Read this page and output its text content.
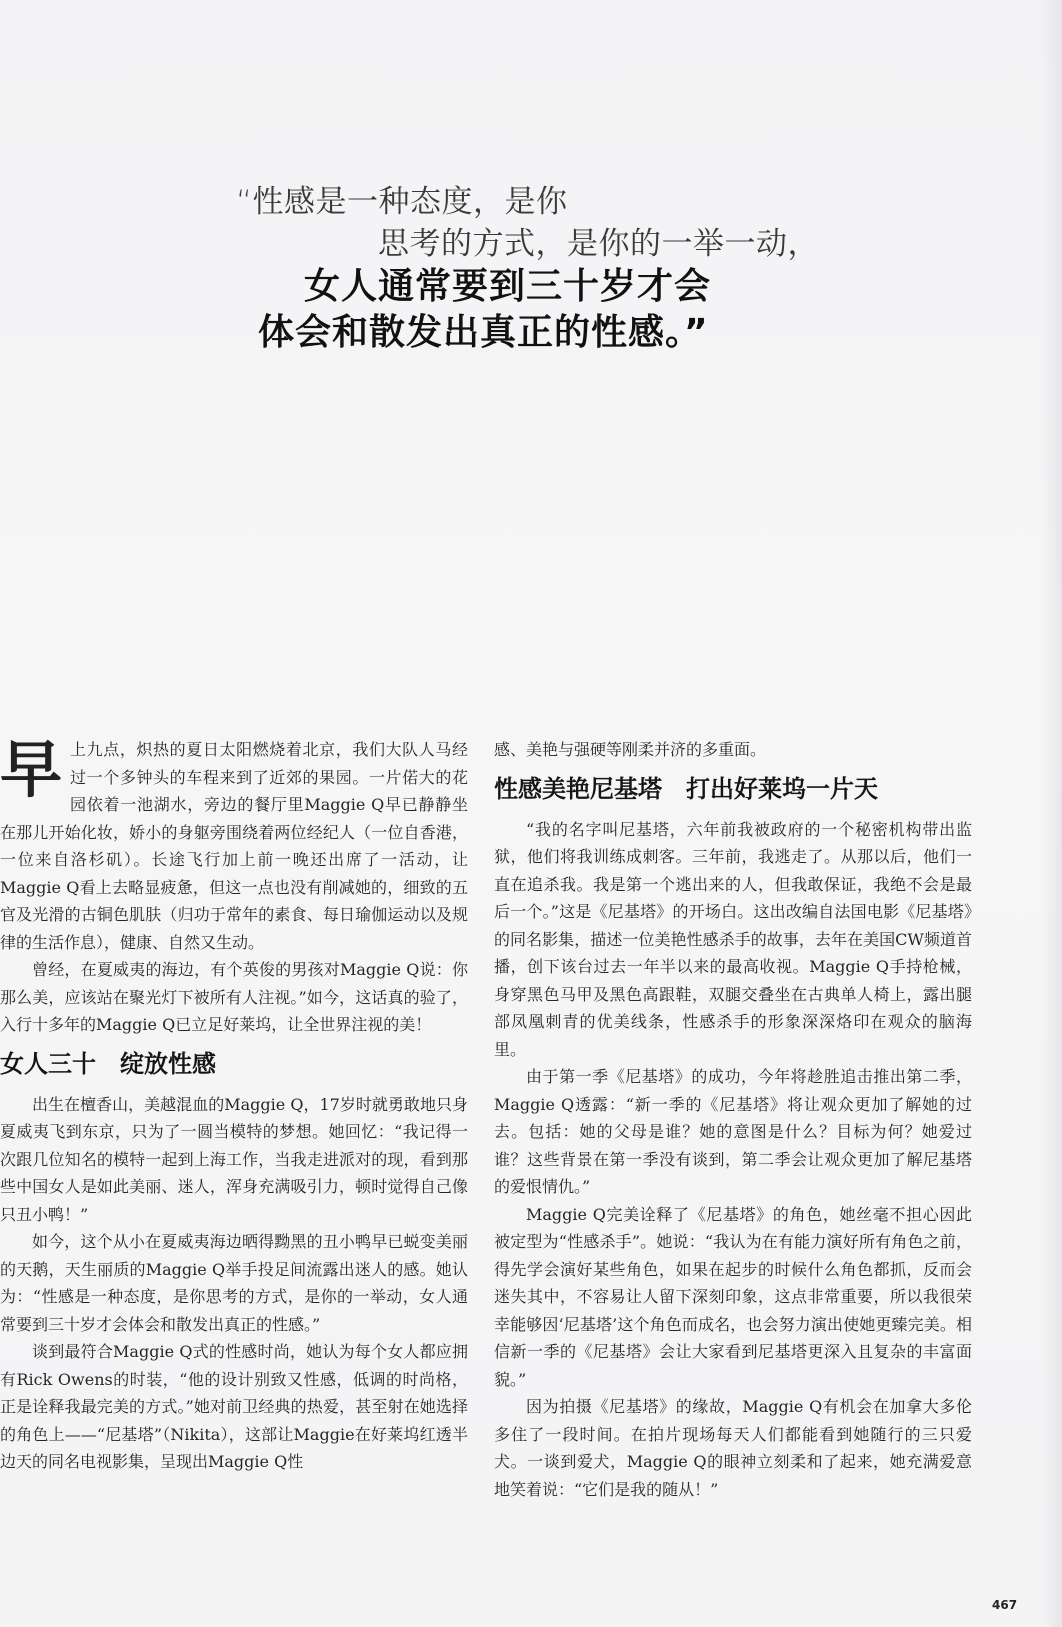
“性感是一种态度，是你
思考的方式，是你的一举一动，
女人通常要到三十岁才会
体会和散发出真正的性感。”

早上九点，炽热的夏日太阳燃烧着北京，我们大队人马经过一个多钟头的车程来到了近郊的果园。一片偌大的花园依着一池湖水，旁边的餐厅里Maggie Q早已静静坐在那儿开始化妆，娇小的身躯旁围绕着两位经纪人（一位自香港，一位来自洛杉矶）。长途飞行加上前一晚还出席了一活动，让Maggie Q看上去略显疲惫，但这一点也没有削减她的，细致的五官及光滑的古铜色肌肤（归功于常年的素食、每日瑜伽运动以及规律的生活作息），健康、自然又生动。

曾经，在夏威夷的海边，有个英俊的男孩对Maggie Q说：你那么美，应该站在聚光灯下被所有人注视。”如今，这话真的验了，入行十多年的Maggie Q已立足好莱坞，让全世界注视的美！

女人三十　绽放性感

出生在檀香山，美越混血的Maggie Q，17岁时就勇敢地只身夏威夷飞到东京，只为了一圆当模特的梦想。她回忆：“我记得一次跟几位知名的模特一起到上海工作，当我走进派对的现，看到那些中国女人是如此美丽、迷人，浑身充满吸引力，顿时觉得自己像只丑小鸭！”

如今，这个从小在夏威夷海边晒得黝黑的丑小鸭早已蜕变美丽的天鹅，天生丽质的Maggie Q举手投足间流露出迷人的感。她认为：“性感是一种态度，是你思考的方式，是你的一举动，女人通常要到三十岁才会体会和散发出真正的性感。”

谈到最符合Maggie Q式的性感时尚，她认为每个女人都应拥有Rick Owens的时装，“他的设计别致又性感，低调的时尚格，正是诠释我最完美的方式。”她对前卫经典的热爱，甚至射在她选择的角色上——“尼基塔”（Nikita），这部让Maggie在好莱坞红透半边天的同名电视影集，呈现出Maggie Q性

感、美艳与强硬等刚柔并济的多重面。

性感美艳尼基塔　打出好莱坞一片天

“我的名字叫尼基塔，六年前我被政府的一个秘密机构带出监狱，他们将我训练成刺客。三年前，我逃走了。从那以后，他们一直在追杀我。我是第一个逃出来的人，但我敢保证，我绝不会是最后一个。”这是《尼基塔》的开场白。这出改编自法国电影《尼基塔》的同名影集，描述一位美艳性感杀手的故事，去年在美国CW频道首播，创下该台过去一年半以来的最高收视。Maggie Q手持枪械，身穿黑色马甲及黑色高跟鞋，双腿交叠坐在古典单人椅上，露出腿部凤凰刺青的优美线条，性感杀手的形象深深烙印在观众的脑海里。

由于第一季《尼基塔》的成功，今年将趁胜追击推出第二季，Maggie Q透露：“新一季的《尼基塔》将让观众更加了解她的过去。包括：她的父母是谁？她的意图是什么？目标为何？她爱过谁？这些背景在第一季没有谈到，第二季会让观众更加了解尼基塔的爱恨情仇。”

Maggie Q完美诠释了《尼基塔》的角色，她丝毫不担心因此被定型为“性感杀手”。她说：“我认为在有能力演好所有角色之前，得先学会演好某些角色，如果在起步的时候什么角色都抓，反而会迷失其中，不容易让人留下深刻印象，这点非常重要，所以我很荣幸能够因‘尼基塔’这个角色而成名，也会努力演出使她更臻完美。相信新一季的《尼基塔》会让大家看到尼基塔更深入且复杂的丰富面貌。”

因为拍摄《尼基塔》的缘故，Maggie Q有机会在加拿大多伦多住了一段时间。在拍片现场每天人们都能看到她随行的三只爱犬。一谈到爱犬，Maggie Q的眼神立刻柔和了起来，她充满爱意地笑着说：“它们是我的随从！”

467
